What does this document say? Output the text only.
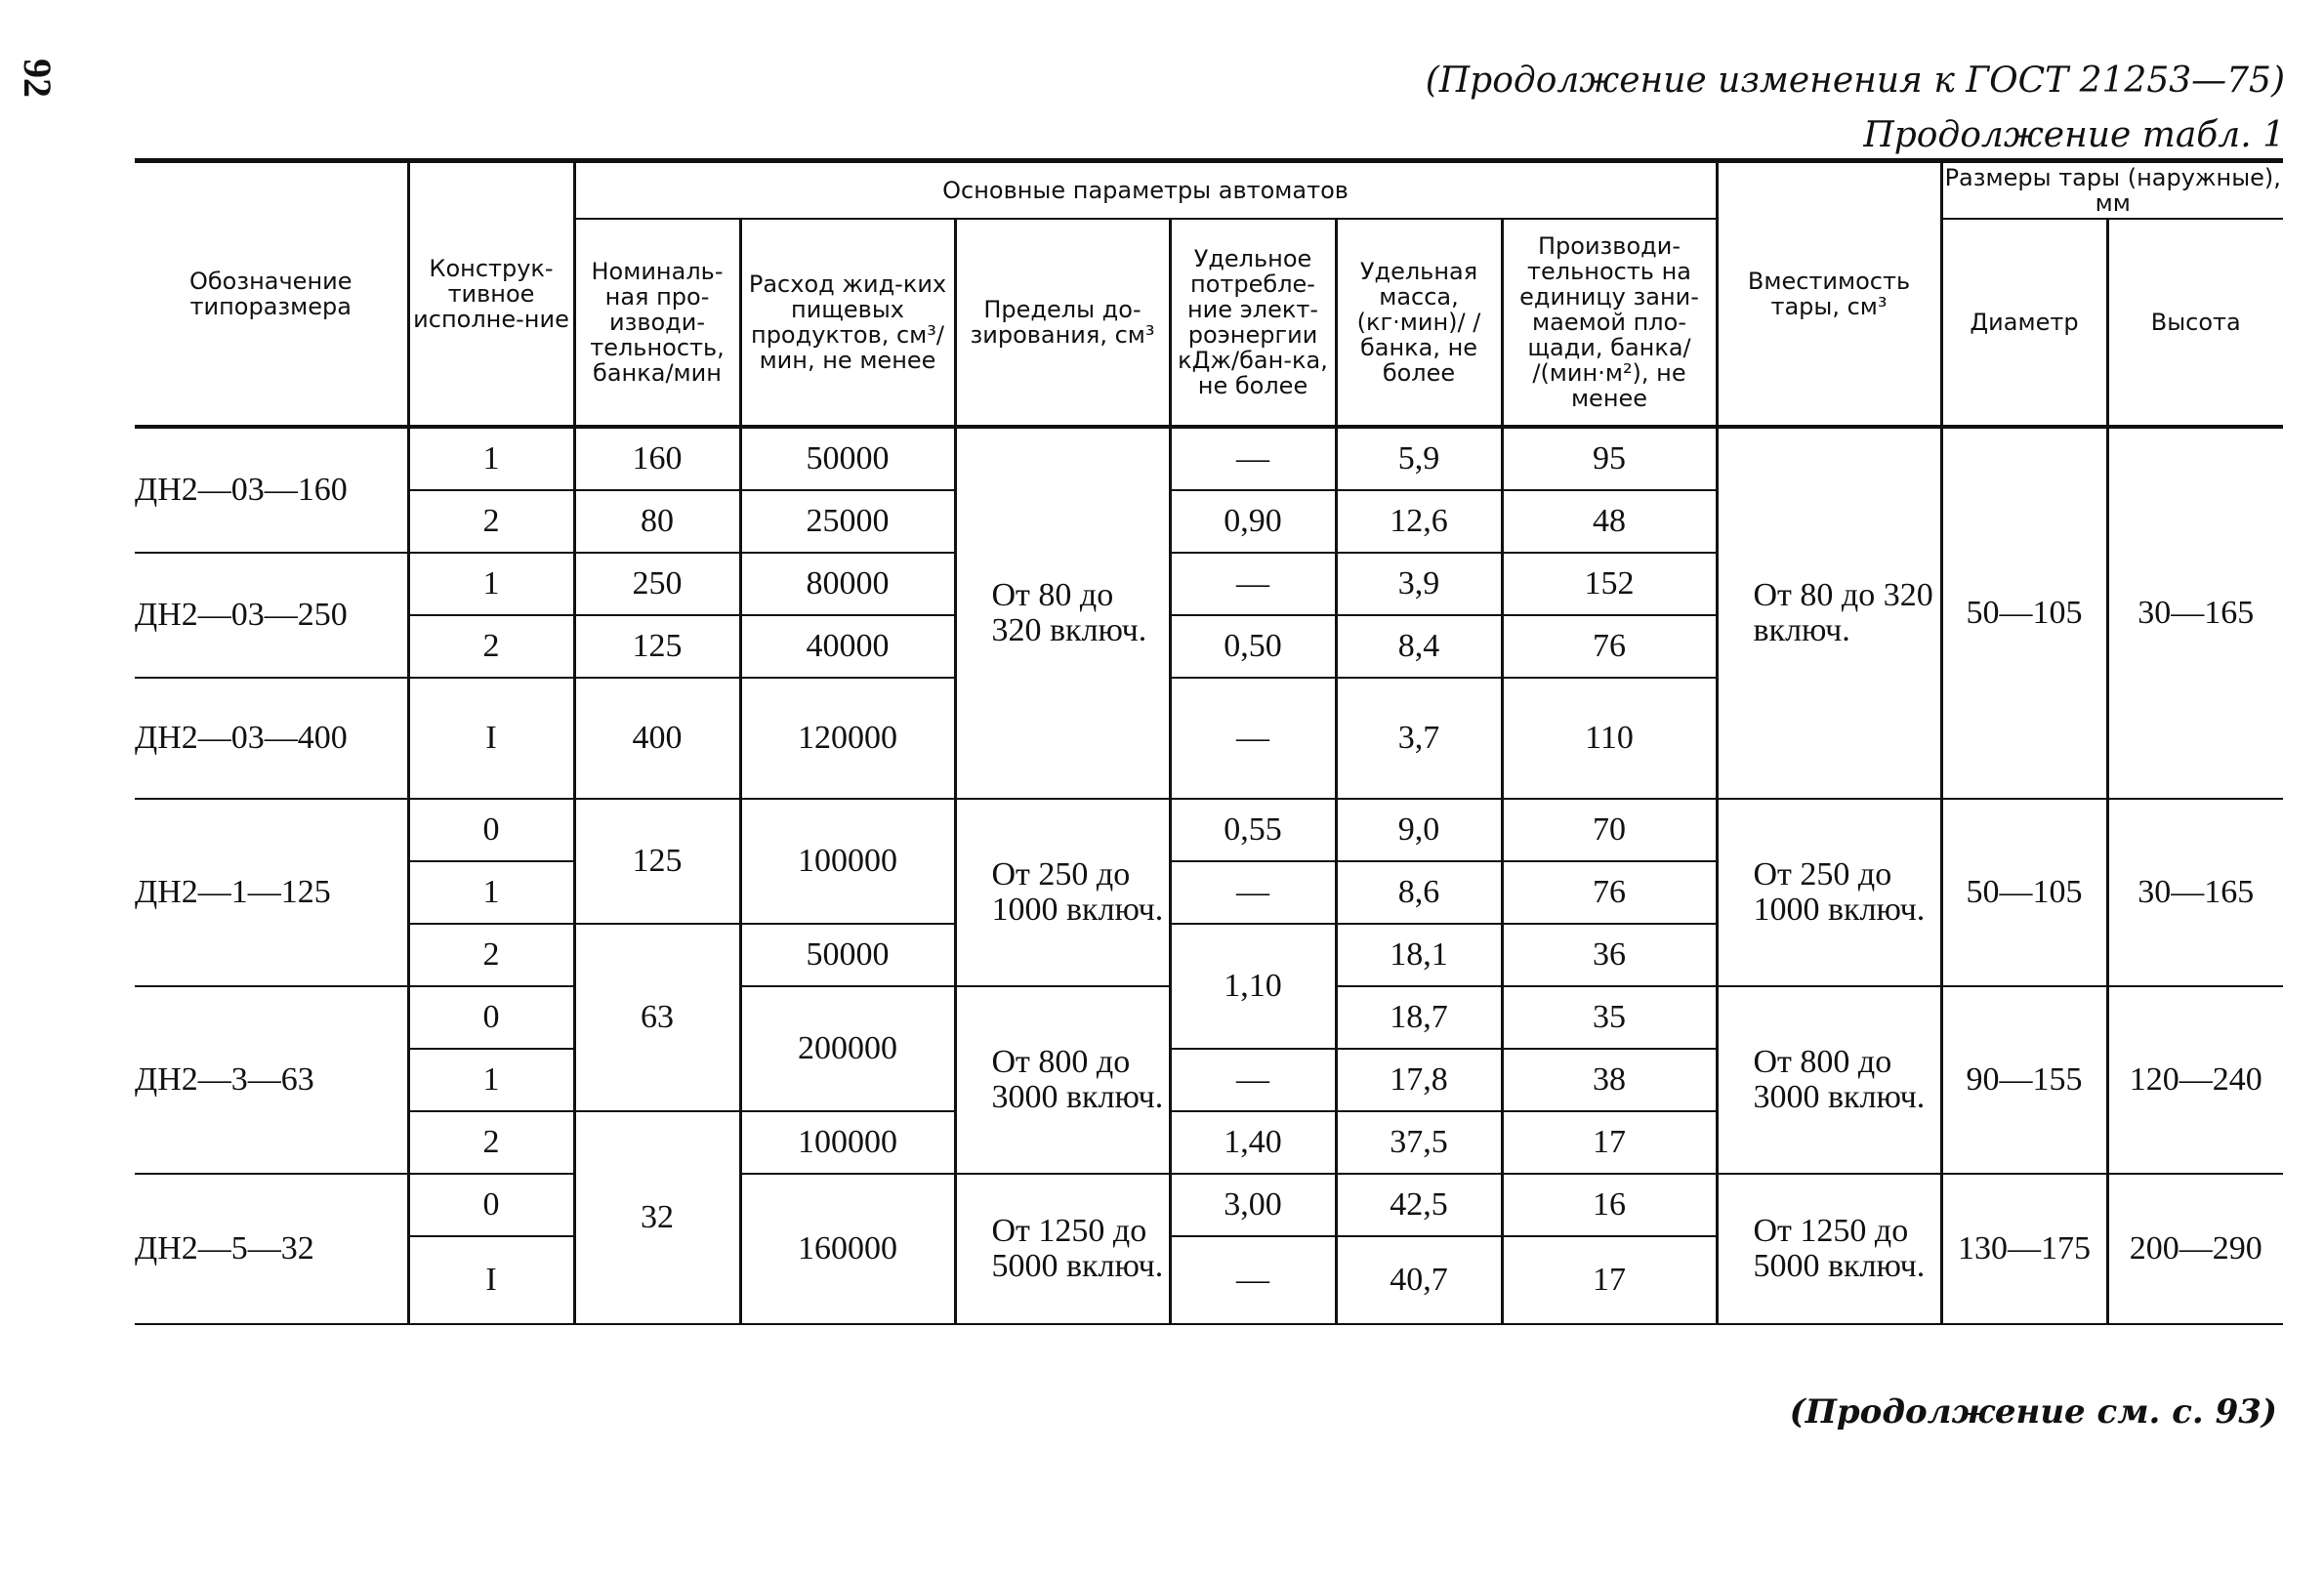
92	(Продолжение изменения к ГОСТ 21253—75)
Продолжение табл. 1
Обозначение типоразмера	Конструк-тивное исполне-ние	Основные параметры автоматов						Вместимость тары, см³	Размеры тары (наружные), мм	
		Номиналь-ная про-изводи-тельность, банка/мин	Расход жид-ких пищевых продуктов, см³/мин, не менее	Пределы до-зирования, см³	Удельное потребле-ние элект-роэнергии кДж/бан-ка, не более	Удельная масса, (кг·мин)/ /банка, не более	Производи-тельность на единицу зани-маемой пло-щади, банка/ /(мин·м²), не менее		Диаметр	Высота
ДН2—03—160	1	160	50000	От 80 до 320 включ.	—	5,9	95	От 80 до 320 включ.	50—105	30—165
	2	80	25000		0,90	12,6	48			
ДН2—03—250	1	250	80000		—	3,9	152			
	2	125	40000		0,50	8,4	76			
ДН2—03—400	I	400	120000		—	3,7	110			
ДН2—1—125	0	125	100000	От 250 до 1000 включ.	0,55	9,0	70	От 250 до 1000 включ.	50—105	30—165
	1				—	8,6	76			
	2	63	50000		1,10	18,1	36			
ДН2—3—63	0		200000	От 800 до 3000 включ.		18,7	35	От 800 до 3000 включ.	90—155	120—240
	1				—	17,8	38			
	2	32	100000		1,40	37,5	17			
ДН2—5—32	0		160000	От 1250 до 5000 включ.	3,00	42,5	16	От 1250 до 5000 включ.	130—175	200—290
	I				—	40,7	17			
(Продолжение см. с. 93)
